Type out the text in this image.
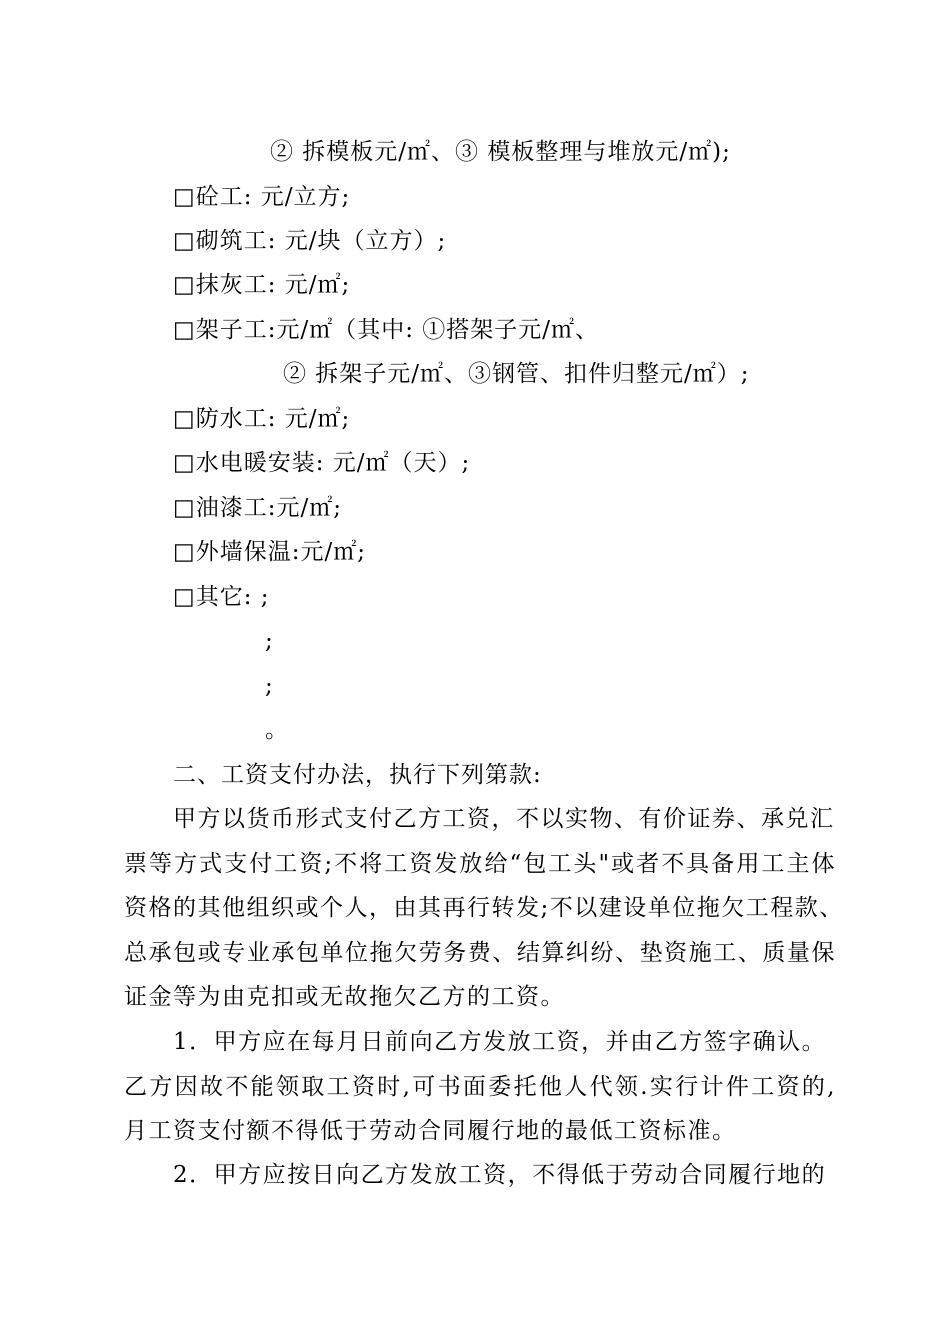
② 拆模板元/㎡、③ 模板整理与堆放元/㎡);
□砼工: 元/立方;
□砌筑工: 元/块（立方）;
□抹灰工: 元/㎡;
□架子工:元/㎡（其中: ①搭架子元/㎡、
② 拆架子元/㎡、③钢管、扣件归整元/㎡）;
□防水工: 元/㎡;
□水电暖安装: 元/㎡（天）;
□油漆工:元/㎡;
□外墙保温:元/㎡;
□其它: ;
;
;
。
二、工资支付办法，执行下列第款:
甲方以货币形式支付乙方工资，不以实物、有价证券、承兑汇
票等方式支付工资;不将工资发放给“包工头"或者不具备用工主体
资格的其他组织或个人，由其再行转发;不以建设单位拖欠工程款、
总承包或专业承包单位拖欠劳务费、结算纠纷、垫资施工、质量保
证金等为由克扣或无故拖欠乙方的工资。
1．甲方应在每月日前向乙方发放工资，并由乙方签字确认。
乙方因故不能领取工资时,可书面委托他人代领.实行计件工资的,
月工资支付额不得低于劳动合同履行地的最低工资标准。
2．甲方应按日向乙方发放工资，不得低于劳动合同履行地的
